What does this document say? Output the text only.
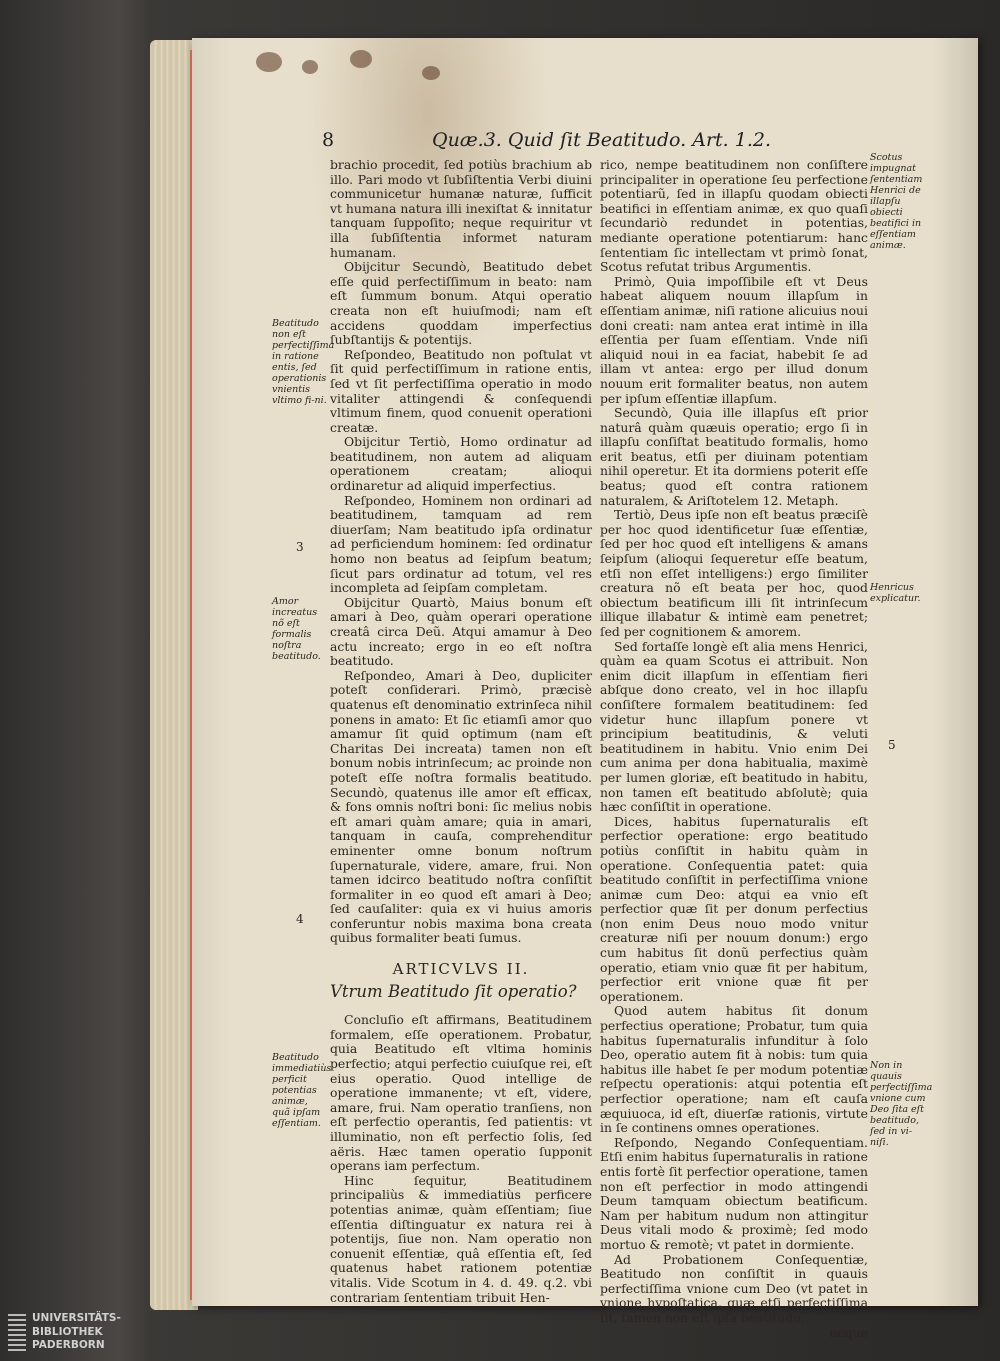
8	Quæ.3. Quid ſit Beatitudo. Art. 1.2.

brachio procedit, ſed potiùs brachium ab illo. Pari modo vt ſubſiſtentia Verbi diuini communicetur humanæ naturæ, ſufficit vt humana natura illi inexiſtat & innitatur tanquam ſuppoſito; neque requiritur vt illa ſubſiſtentia informet naturam humanam.

Obijcitur Secundò, Beatitudo debet eſſe quid perfectiſſimum in beato: nam eſt ſummum bonum. Atqui operatio creata non eſt huiuſmodi; nam eſt accidens quoddam imperfectius ſubſtantijs & potentijs.

Reſpondeo, Beatitudo non poſtulat vt ſit quid perfectiſſimum in ratione entis, ſed vt ſit perfectiſſima operatio in modo vitaliter attingendi & conſequendi vltimum finem, quod conuenit operationi creatæ.

Obijcitur Tertiò, Homo ordinatur ad beatitudinem, non autem ad aliquam operationem creatam; alioqui ordinaretur ad aliquid imperfectius.

Reſpondeo, Hominem non ordinari ad beatitudinem, tamquam ad rem diuerſam; Nam beatitudo ipſa ordinatur ad perficiendum hominem: ſed ordinatur homo non beatus ad ſeipſum beatum; ſicut pars ordinatur ad totum, vel res incompleta ad ſeipſam completam.

Obijcitur Quartò, Maius bonum eſt amari à Deo, quàm operari operatione creatâ circa Deũ. Atqui amamur à Deo actu increato; ergo in eo eſt noſtra beatitudo.

Reſpondeo, Amari à Deo, dupliciter poteſt conſiderari. Primò, præcisè quatenus eſt denominatio extrinſeca nihil ponens in amato: Et ſic etiamſi amor quo amamur ſit quid optimum (nam eſt Charitas Dei increata) tamen non eſt bonum nobis intrinſecum; ac proinde non poteſt eſſe noſtra formalis beatitudo. Secundò, quatenus ille amor eſt efficax, & fons omnis noſtri boni: ſic melius nobis eſt amari quàm amare; quia in amari, tanquam in cauſa, comprehenditur eminenter omne bonum noſtrum ſupernaturale, videre, amare, frui. Non tamen idcirco beatitudo noſtra conſiſtit formaliter in eo quod eſt amari à Deo; ſed cauſaliter: quia ex vi huius amoris conferuntur nobis maxima bona creata quibus formaliter beati ſumus.

ARTICVLVS II.

Vtrum Beatitudo ſit operatio?

Concluſio eſt affirmans, Beatitudinem formalem, eſſe operationem. Probatur, quia Beatitudo eſt vltima hominis perfectio; atqui perfectio cuiuſque rei, eſt eius operatio. Quod intellige de operatione immanente; vt eſt, videre, amare, frui. Nam operatio tranſiens, non eſt perfectio operantis, ſed patientis: vt illuminatio, non eſt perfectio ſolis, ſed aëris. Hæc tamen operatio ſupponit operans iam perfectum.

Hinc ſequitur, Beatitudinem principaliùs & immediatiùs perficere potentias animæ, quàm eſſentiam; ſiue eſſentia diſtinguatur ex natura rei à potentijs, ſiue non. Nam operatio non conuenit eſſentiæ, quâ eſſentia eſt, ſed quatenus habet rationem potentiæ vitalis. Vide Scotum in 4. d. 49. q.2. vbi contrariam ſententiam tribuit Hen-

rico, nempe beatitudinem non conſiſtere principaliter in operatione ſeu perfectione potentiarũ, ſed in illapſu quodam obiecti beatifici in eſſentiam animæ, ex quo quaſi ſecundariò redundet in potentias, mediante operatione potentiarum: hanc ſententiam ſic intellectam vt primò ſonat, Scotus refutat tribus Argumentis.

Primò, Quia impoſſibile eſt vt Deus habeat aliquem nouum illapſum in eſſentiam animæ, niſi ratione alicuius noui doni creati: nam antea erat intimè in illa eſſentia per ſuam eſſentiam. Vnde niſi aliquid noui in ea faciat, habebit ſe ad illam vt antea: ergo per illud donum nouum erit formaliter beatus, non autem per ipſum eſſentiæ illapſum.

Secundò, Quia ille illapſus eſt prior naturâ quàm quæuis operatio; ergo ſi in illapſu conſiſtat beatitudo formalis, homo erit beatus, etſi per diuinam potentiam nihil operetur. Et ita dormiens poterit eſſe beatus; quod eſt contra rationem naturalem, & Ariſtotelem 12. Metaph.

Tertiò, Deus ipſe non eſt beatus præciſè per hoc quod identificetur ſuæ eſſentiæ, ſed per hoc quod eſt intelligens & amans ſeipſum (alioqui ſequeretur eſſe beatum, etſi non eſſet intelligens:) ergo ſimiliter creatura nõ eſt beata per hoc, quod obiectum beatificum illi ſit intrinſecum illique illabatur & intimè eam penetret; ſed per cognitionem & amorem.

Sed fortaſſe longè eſt alia mens Henrici, quàm ea quam Scotus ei attribuit. Non enim dicit illapſum in eſſentiam fieri abſque dono creato, vel in hoc illapſu conſiſtere formalem beatitudinem: ſed videtur hunc illapſum ponere vt principium beatitudinis, & veluti beatitudinem in habitu. Vnio enim Dei cum anima per dona habitualia, maximè per lumen gloriæ, eſt beatitudo in habitu, non tamen eſt beatitudo abſolutè; quia hæc conſiſtit in operatione.

Dices, habitus ſupernaturalis eſt perfectior operatione: ergo beatitudo potiùs conſiſtit in habitu quàm in operatione. Conſequentia patet: quia beatitudo conſiſtit in perfectiſſima vnione animæ cum Deo: atqui ea vnio eſt perfectior quæ ſit per donum perfectius (non enim Deus nouo modo vnitur creaturæ niſi per nouum donum:) ergo cum habitus ſit donũ perfectius quàm operatio, etiam vnio quæ fit per habitum, perfectior erit vnione quæ fit per operationem.

Quod autem habitus ſit donum perfectius operatione; Probatur, tum quia habitus ſupernaturalis infunditur à ſolo Deo, operatio autem fit à nobis: tum quia habitus ille habet ſe per modum potentiæ reſpectu operationis: atqui potentia eſt perfectior operatione; nam eſt cauſa æquiuoca, id eſt, diuerſæ rationis, virtute in ſe continens omnes operationes.

Reſpondo, Negando Conſequentiam. Etſi enim habitus ſupernaturalis in ratione entis fortè ſit perfectior operatione, tamen non eſt perfectior in modo attingendi Deum tamquam obiectum beatificum. Nam per habitum nudum non attingitur Deus vitali modo & proximè; ſed modo mortuo & remotè; vt patet in dormiente.

Ad Probationem Conſequentiæ, Beatitudo non conſiſtit in quauis perfectiſſima vnione cum Deo (vt patet in vnione hypoſtatica, quæ etſi perfectiſſima ſit, tamen non eſt ipſa beatitudo;

neque

Beatitudo non eſt perfectiſſima in ratione entis, ſed operationis vnientis vltimo fi-ni.
Amor increatus nõ eſt formalis noſtra beatitudo.
Beatitudo immediatiùs perficit potentias animæ, quã ipſam eſſentiam.
Scotus impugnat ſententiam Henrici de illapſu obiecti beatifici in eſſentiam animæ.
Henricus explicatur.
Non in quauis perfectiſſima vnione cum Deo ſita eſt beatitudo, ſed in vi-niſi.
3
4
5
UNIVERSITÄTS-
BIBLIOTHEK
PADERBORN
